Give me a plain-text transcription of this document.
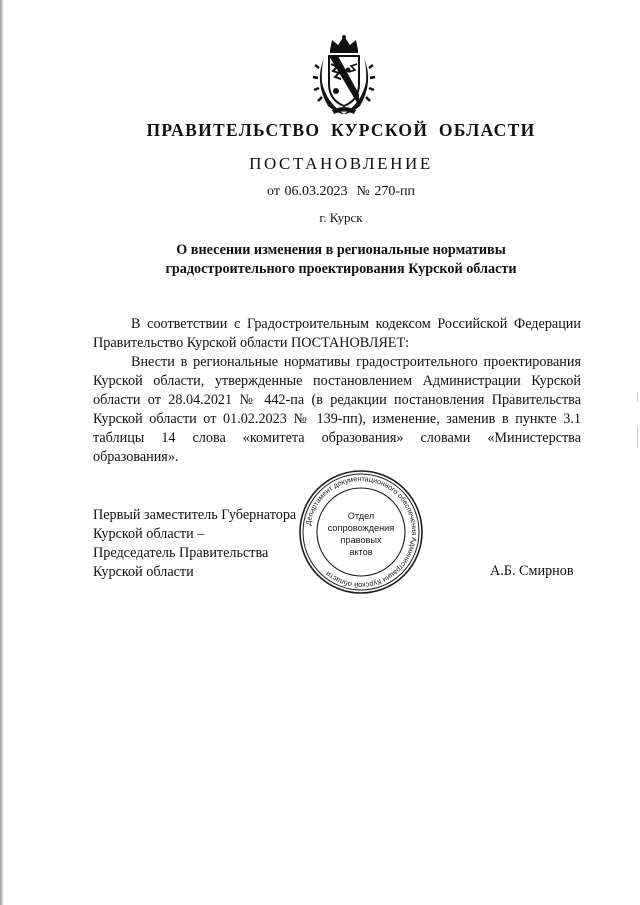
ПРАВИТЕЛЬСТВО КУРСКОЙ ОБЛАСТИ
ПОСТАНОВЛЕНИЕ
от 06.03.2023  № 270-пп
г. Курск
О внесении изменения в региональные нормативы
градостроительного проектирования Курской области

В соответствии с Градостроительным кодексом Российской Федерации Правительство Курской области ПОСТАНОВЛЯЕТ:

Внести в региональные нормативы градостроительного проектирования Курской области, утвержденные постановлением Администрации Курской области от 28.04.2021 № 442-па (в редакции постановления Правительства Курской области от 01.02.2023 № 139-пп), изменение, заменив в пункте 3.1 таблицы 14 слова «комитета образования» словами «Министерства образования».

Первый заместитель Губернатора
Курской области –
Председатель Правительства
Курской области
Департамент документационного обеспечения Администрации Курской области
Отдел
сопровождения
правовых
актов
А.Б. Смирнов
